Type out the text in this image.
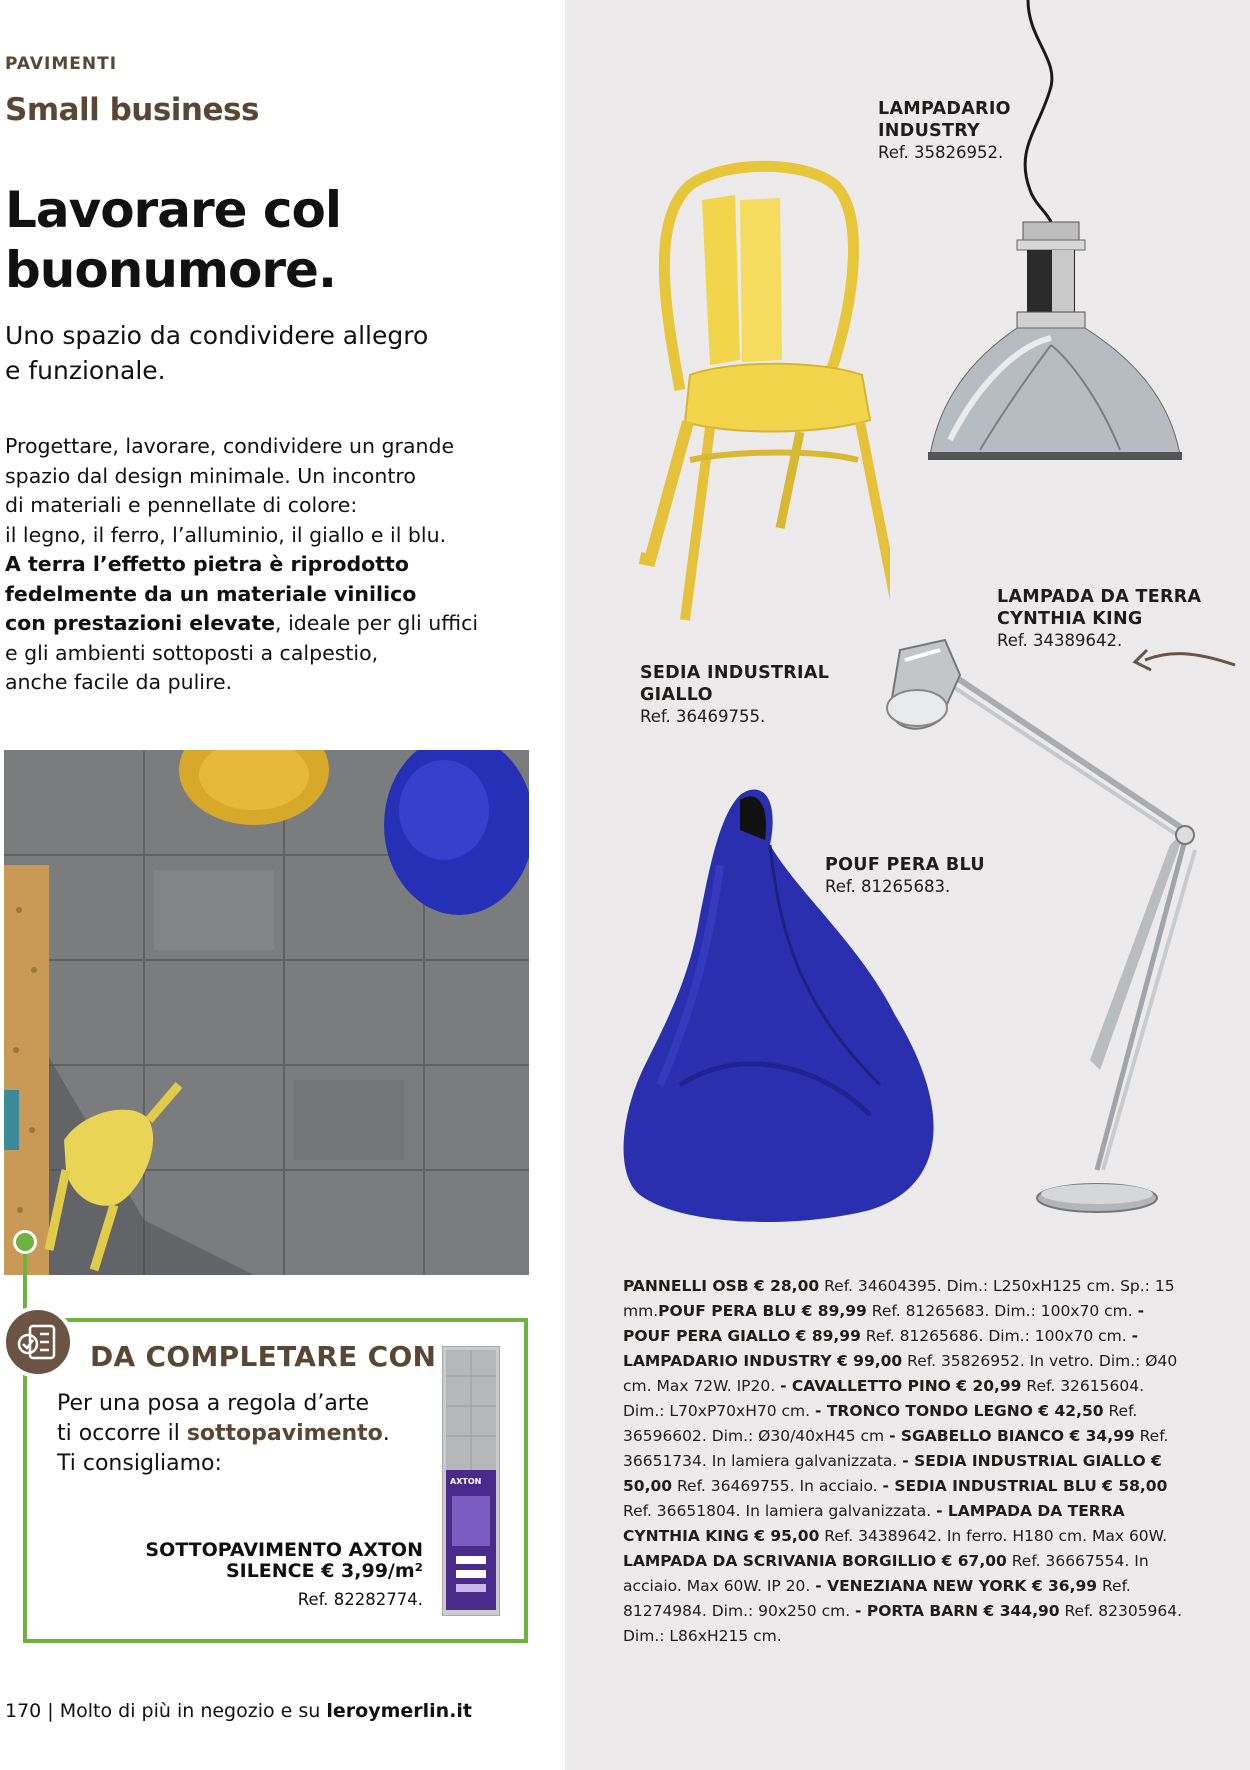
PAVIMENTI
Small business
Lavorare col
buonumore.
Uno spazio da condividere allegro
e funzionale.
Progettare, lavorare, condividere un grande
spazio dal design minimale. Un incontro
di materiali e pennellate di colore:
il legno, il ferro, l’alluminio, il giallo e il blu.
A terra l’effetto pietra è riprodotto
fedelmente da un materiale vinilico
con prestazioni elevate, ideale per gli uffici
e gli ambienti sottoposti a calpestio,
anche facile da pulire.
LAMPADARIO
INDUSTRY
Ref. 35826952.
SEDIA INDUSTRIAL
GIALLO
Ref. 36469755.
LAMPADA DA TERRA
CYNTHIA KING
Ref. 34389642.
POUF PERA BLU
Ref. 81265683.
DA COMPLETARE CON
Per una posa a regola d’arte
ti occorre il sottopavimento.
Ti consigliamo:
SOTTOPAVIMENTO AXTON
SILENCE € 3,99/m²
Ref. 82282774.
AXTON
PANNELLI OSB € 28,00 Ref. 34604395. Dim.: L250xH125 cm. Sp.: 15 mm.POUF PERA BLU € 89,99 Ref. 81265683. Dim.: 100x70 cm. - POUF PERA GIALLO € 89,99 Ref. 81265686. Dim.: 100x70 cm. - LAMPADARIO INDUSTRY € 99,00 Ref. 35826952. In vetro. Dim.: Ø40 cm. Max 72W. IP20. - CAVALLETTO PINO € 20,99 Ref. 32615604. Dim.: L70xP70xH70 cm. - TRONCO TONDO LEGNO € 42,50 Ref. 36596602. Dim.: Ø30/40xH45 cm - SGABELLO BIANCO € 34,99 Ref. 36651734. In lamiera galvanizzata. - SEDIA INDUSTRIAL GIALLO € 50,00 Ref. 36469755. In acciaio. - SEDIA INDUSTRIAL BLU € 58,00 Ref. 36651804. In lamiera galvanizzata. - LAMPADA DA TERRA CYNTHIA KING € 95,00 Ref. 34389642. In ferro. H180 cm. Max 60W. LAMPADA DA SCRIVANIA BORGILLIO € 67,00 Ref. 36667554. In acciaio. Max 60W. IP 20. - VENEZIANA NEW YORK € 36,99 Ref. 81274984. Dim.: 90x250 cm. - PORTA BARN € 344,90 Ref. 82305964. Dim.: L86xH215 cm.
170 | Molto di più in negozio e su leroymerlin.it
